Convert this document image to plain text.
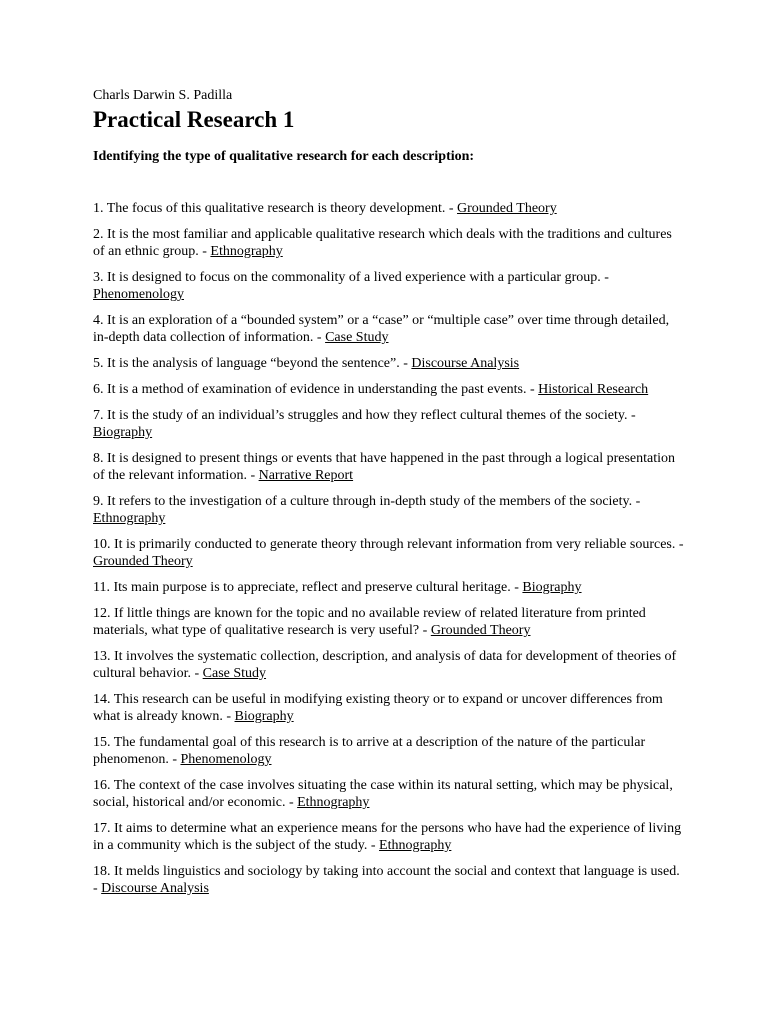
Charls Darwin S. Padilla

Practical Research 1

Identifying the type of qualitative research for each description:

1. The focus of this qualitative research is theory development. - Grounded Theory
2. It is the most familiar and applicable qualitative research which deals with the traditions and cultures of an ethnic group. - Ethnography
3. It is designed to focus on the commonality of a lived experience with a particular group. - Phenomenology
4. It is an exploration of a “bounded system” or a “case” or “multiple case” over time through detailed, in-depth data collection of information. - Case Study
5. It is the analysis of language “beyond the sentence”. - Discourse Analysis
6. It is a method of examination of evidence in understanding the past events. - Historical Research
7. It is the study of an individual’s struggles and how they reflect cultural themes of the society. - Biography
8. It is designed to present things or events that have happened in the past through a logical presentation of the relevant information. - Narrative Report
9. It refers to the investigation of a culture through in-depth study of the members of the society. - Ethnography
10. It is primarily conducted to generate theory through relevant information from very reliable sources. - Grounded Theory
11. Its main purpose is to appreciate, reflect and preserve cultural heritage. - Biography
12. If little things are known for the topic and no available review of related literature from printed materials, what type of qualitative research is very useful? - Grounded Theory
13. It involves the systematic collection, description, and analysis of data for development of theories of cultural behavior. - Case Study
14. This research can be useful in modifying existing theory or to expand or uncover differences from what is already known. - Biography
15. The fundamental goal of this research is to arrive at a description of the nature of the particular phenomenon. - Phenomenology
16. The context of the case involves situating the case within its natural setting, which may be physical, social, historical and/or economic. - Ethnography
17. It aims to determine what an experience means for the persons who have had the experience of living in a community which is the subject of the study. - Ethnography
18. It melds linguistics and sociology by taking into account the social and context that language is used. - Discourse Analysis
